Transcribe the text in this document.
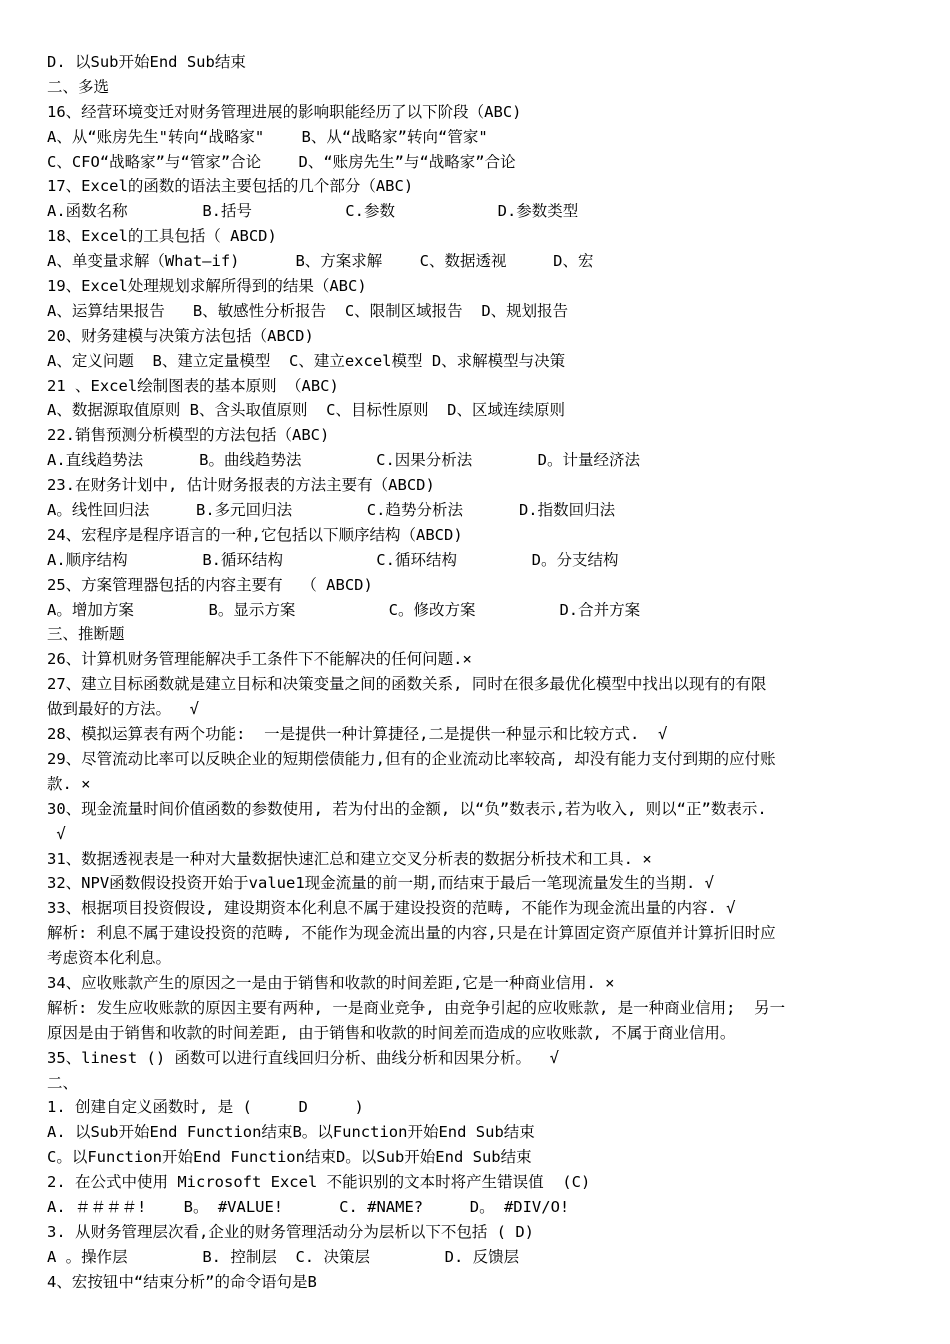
D. 以Sub开始End Sub结束
二、多选
16、经营环境变迁对财务管理进展的影响职能经历了以下阶段（ABC)
A、从“账房先生"转向“战略家"    B、从“战略家”转向“管家"
C、CFO“战略家”与“管家”合论    D、“账房先生”与“战略家”合论
17、Excel的函数的语法主要包括的几个部分（ABC)
A.函数名称        B.括号          C.参数           D.参数类型
18、Excel的工具包括（ ABCD)
A、单变量求解（What—if)      B、方案求解    C、数据透视     D、宏
19、Excel处理规划求解所得到的结果（ABC)
A、运算结果报告   B、敏感性分析报告  C、限制区域报告  D、规划报告
20、财务建模与决策方法包括（ABCD)
A、定义问题  B、建立定量模型  C、建立excel模型 D、求解模型与决策
21 、Excel绘制图表的基本原则 （ABC)
A、数据源取值原则 B、含头取值原则  C、目标性原则  D、区域连续原则
22.销售预测分析模型的方法包括（ABC)
A.直线趋势法      B。曲线趋势法        C.因果分析法       D。计量经济法
23.在财务计划中, 估计财务报表的方法主要有（ABCD)
A。线性回归法     B.多元回归法        C.趋势分析法      D.指数回归法
24、宏程序是程序语言的一种,它包括以下顺序结构（ABCD)
A.顺序结构        B.循环结构          C.循环结构        D。分支结构
25、方案管理器包括的内容主要有  （ ABCD)
A。增加方案        B。显示方案          C。修改方案         D.合并方案
三、推断题
26、计算机财务管理能解决手工条件下不能解决的任何问题.×
27、建立目标函数就是建立目标和决策变量之间的函数关系, 同时在很多最优化模型中找出以现有的有限
做到最好的方法。  √
28、模拟运算表有两个功能:  一是提供一种计算捷径,二是提供一种显示和比较方式.  √
29、尽管流动比率可以反映企业的短期偿债能力,但有的企业流动比率较高, 却没有能力支付到期的应付账
款. ×
30、现金流量时间价值函数的参数使用, 若为付出的金额, 以“负”数表示,若为收入, 则以“正”数表示.
√
31、数据透视表是一种对大量数据快速汇总和建立交叉分析表的数据分析技术和工具. ×
32、NPV函数假设投资开始于value1现金流量的前一期,而结束于最后一笔现流量发生的当期. √
33、根据项目投资假设, 建设期资本化利息不属于建设投资的范畴, 不能作为现金流出量的内容. √
解析: 利息不属于建设投资的范畴, 不能作为现金流出量的内容,只是在计算固定资产原值并计算折旧时应
考虑资本化利息。
34、应收账款产生的原因之一是由于销售和收款的时间差距,它是一种商业信用. ×
解析: 发生应收账款的原因主要有两种, 一是商业竞争, 由竞争引起的应收账款, 是一种商业信用;  另一
原因是由于销售和收款的时间差距, 由于销售和收款的时间差而造成的应收账款, 不属于商业信用。
35、linest () 函数可以进行直线回归分析、曲线分析和因果分析。  √
二、
1. 创建自定义函数时, 是 (     D     )
A. 以Sub开始End Function结束B。以Function开始End Sub结束
C。以Function开始End Function结束D。以Sub开始End Sub结束
2. 在公式中使用 Microsoft Excel 不能识别的文本时将产生错误值  (C)
A. ＃＃＃＃!    B。 #VALUE!      C. #NAME?     D。 #DIV/O!
3. 从财务管理层次看,企业的财务管理活动分为层析以下不包括 ( D)
A 。操作层        B. 控制层  C. 决策层        D. 反馈层
4、宏按钮中“结束分析”的命令语句是B
